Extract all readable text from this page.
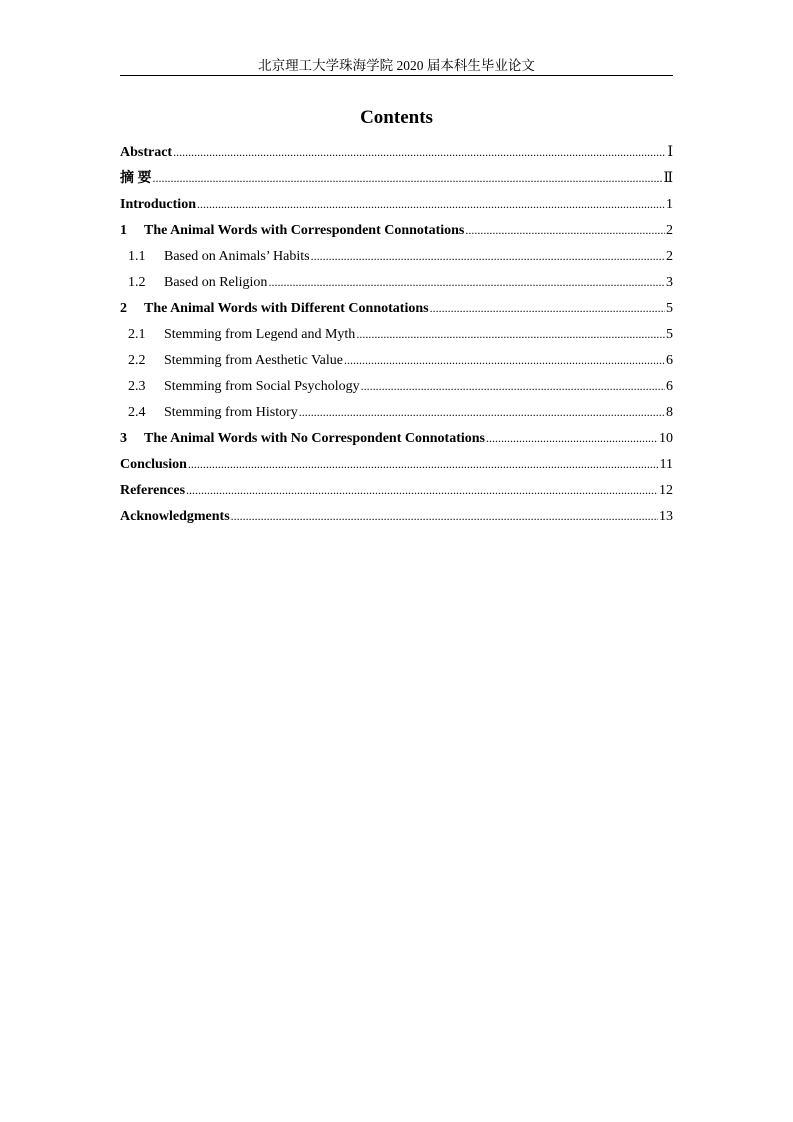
北京理工大学珠海学院 2020 届本科生毕业论文
Contents
Abstract .....	Ⅰ
摘 要 .....	Ⅱ
Introduction .....	1
1	The Animal Words with Correspondent Connotations .....	2
1.1	Based on Animals’ Habits .....	2
1.2	Based on Religion .....	3
2	The Animal Words with Different Connotations .....	5
2.1	Stemming from Legend and Myth .....	5
2.2	Stemming from Aesthetic Value .....	6
2.3	Stemming from Social Psychology .....	6
2.4	Stemming from History .....	8
3	The Animal Words with No Correspondent Connotations .....	10
Conclusion .....	11
References .....	12
Acknowledgments .....	13
